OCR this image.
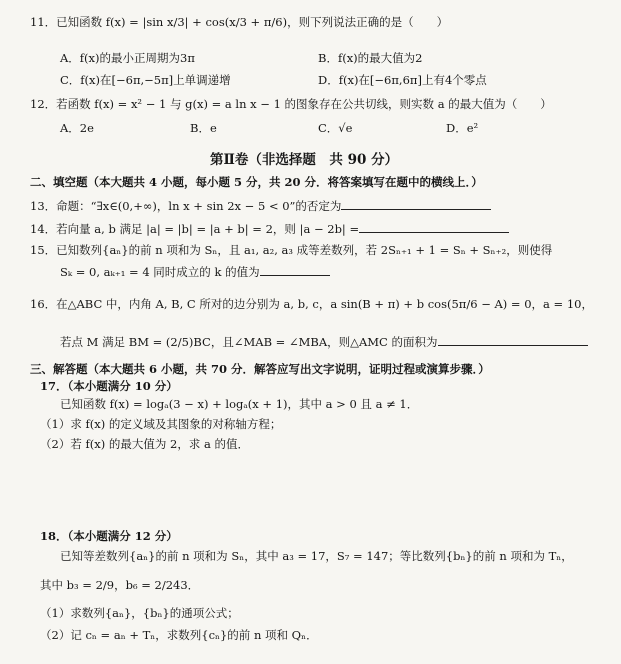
11．已知函数 f(x) = |sin x/3| + cos(x/3 + π/6)，则下列说法正确的是（　　）
A．f(x)的最小正周期为3π	B．f(x)的最大值为2
C．f(x)在[−6π,−5π]上单调递增	D．f(x)在[−6π,6π]上有4个零点
12．若函数 f(x) = x² − 1 与 g(x) = a ln x − 1 的图象存在公共切线，则实数 a 的最大值为（　　）
A．2e	B．e	C．√e	D．e²
第Ⅱ卷（非选择题　共 90 分）
二、填空题（本大题共 4 小题，每小题 5 分，共 20 分．将答案填写在题中的横线上．）
13．命题：“∃x∈(0,+∞)，ln x + sin 2x − 5 < 0”的否定为
14．若向量 a, b 满足 |a| = |b| = |a + b| = 2，则 |a − 2b| =
15．已知数列{aₙ}的前 n 项和为 Sₙ，且 a₁, a₂, a₃ 成等差数列，若 2Sₙ₊₁ + 1 = Sₙ + Sₙ₊₂，则使得
Sₖ = 0, aₖ₊₁ = 4 同时成立的 k 的值为
16．在△ABC 中，内角 A, B, C 所对的边分别为 a, b, c，a sin(B + π) + b cos(5π/6 − A) = 0，a = 10，
若点 M 满足 BM = (2/5)BC，且∠MAB = ∠MBA，则△AMC 的面积为
三、解答题（本大题共 6 小题，共 70 分．解答应写出文字说明，证明过程或演算步骤．）
17．（本小题满分 10 分）
已知函数 f(x) = logₐ(3 − x) + logₐ(x + 1)，其中 a > 0 且 a ≠ 1．
（1）求 f(x) 的定义域及其图象的对称轴方程；
（2）若 f(x) 的最大值为 2，求 a 的值．
18．（本小题满分 12 分）
已知等差数列{aₙ}的前 n 项和为 Sₙ，其中 a₃ = 17，S₇ = 147；等比数列{bₙ}的前 n 项和为 Tₙ，
其中 b₃ = 2/9，b₆ = 2/243．
（1）求数列{aₙ}，{bₙ}的通项公式；
（2）记 cₙ = aₙ + Tₙ，求数列{cₙ}的前 n 项和 Qₙ．
